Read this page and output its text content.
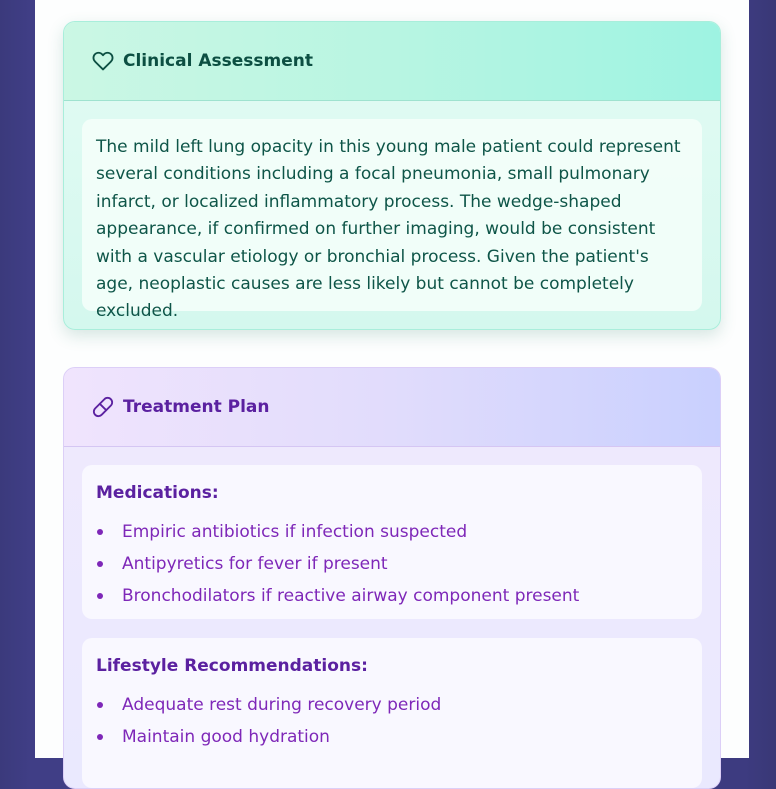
Clinical Assessment

The mild left lung opacity in this young male patient could represent several conditions including a focal pneumonia, small pulmonary infarct, or localized inflammatory process. The wedge-shaped appearance, if confirmed on further imaging, would be consistent with a vascular etiology or bronchial process. Given the patient's age, neoplastic causes are less likely but cannot be completely excluded.

Treatment Plan
Medications:
Empiric antibiotics if infection suspected
Antipyretics for fever if present
Bronchodilators if reactive airway component present
Lifestyle Recommendations:
Adequate rest during recovery period
Maintain good hydration
